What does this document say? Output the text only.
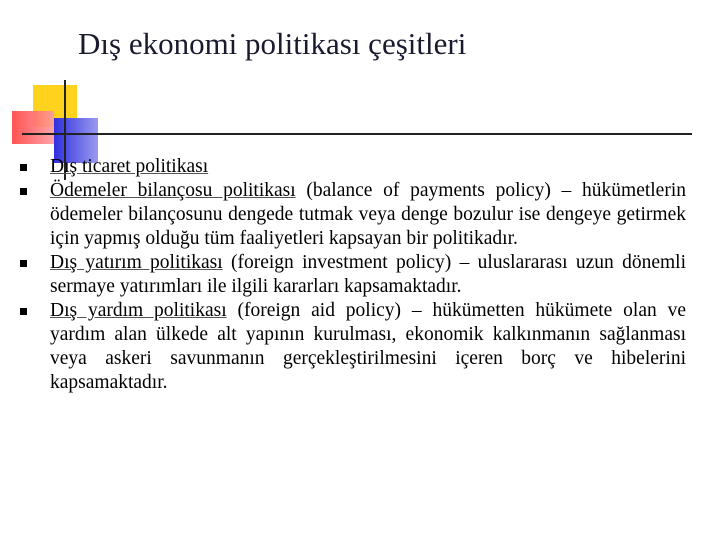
Dış ekonomi politikası çeşitleri
Dış ticaret politikası
Ödemeler bilançosu politikası (balance of payments policy) – hükümetlerin ödemeler bilançosunu dengede tutmak veya denge bozulur ise dengeye getirmek için yapmış olduğu tüm faaliyetleri kapsayan bir politikadır.
Dış yatırım politikası (foreign investment policy) – uluslararası uzun dönemli sermaye yatırımları ile ilgili kararları kapsamaktadır.
Dış yardım politikası (foreign aid policy) – hükümetten hükümete olan ve yardım alan ülkede alt yapının kurulması, ekonomik kalkınmanın sağlanması veya askeri savunmanın gerçekleştirilmesini içeren borç ve hibelerini kapsamaktadır.
